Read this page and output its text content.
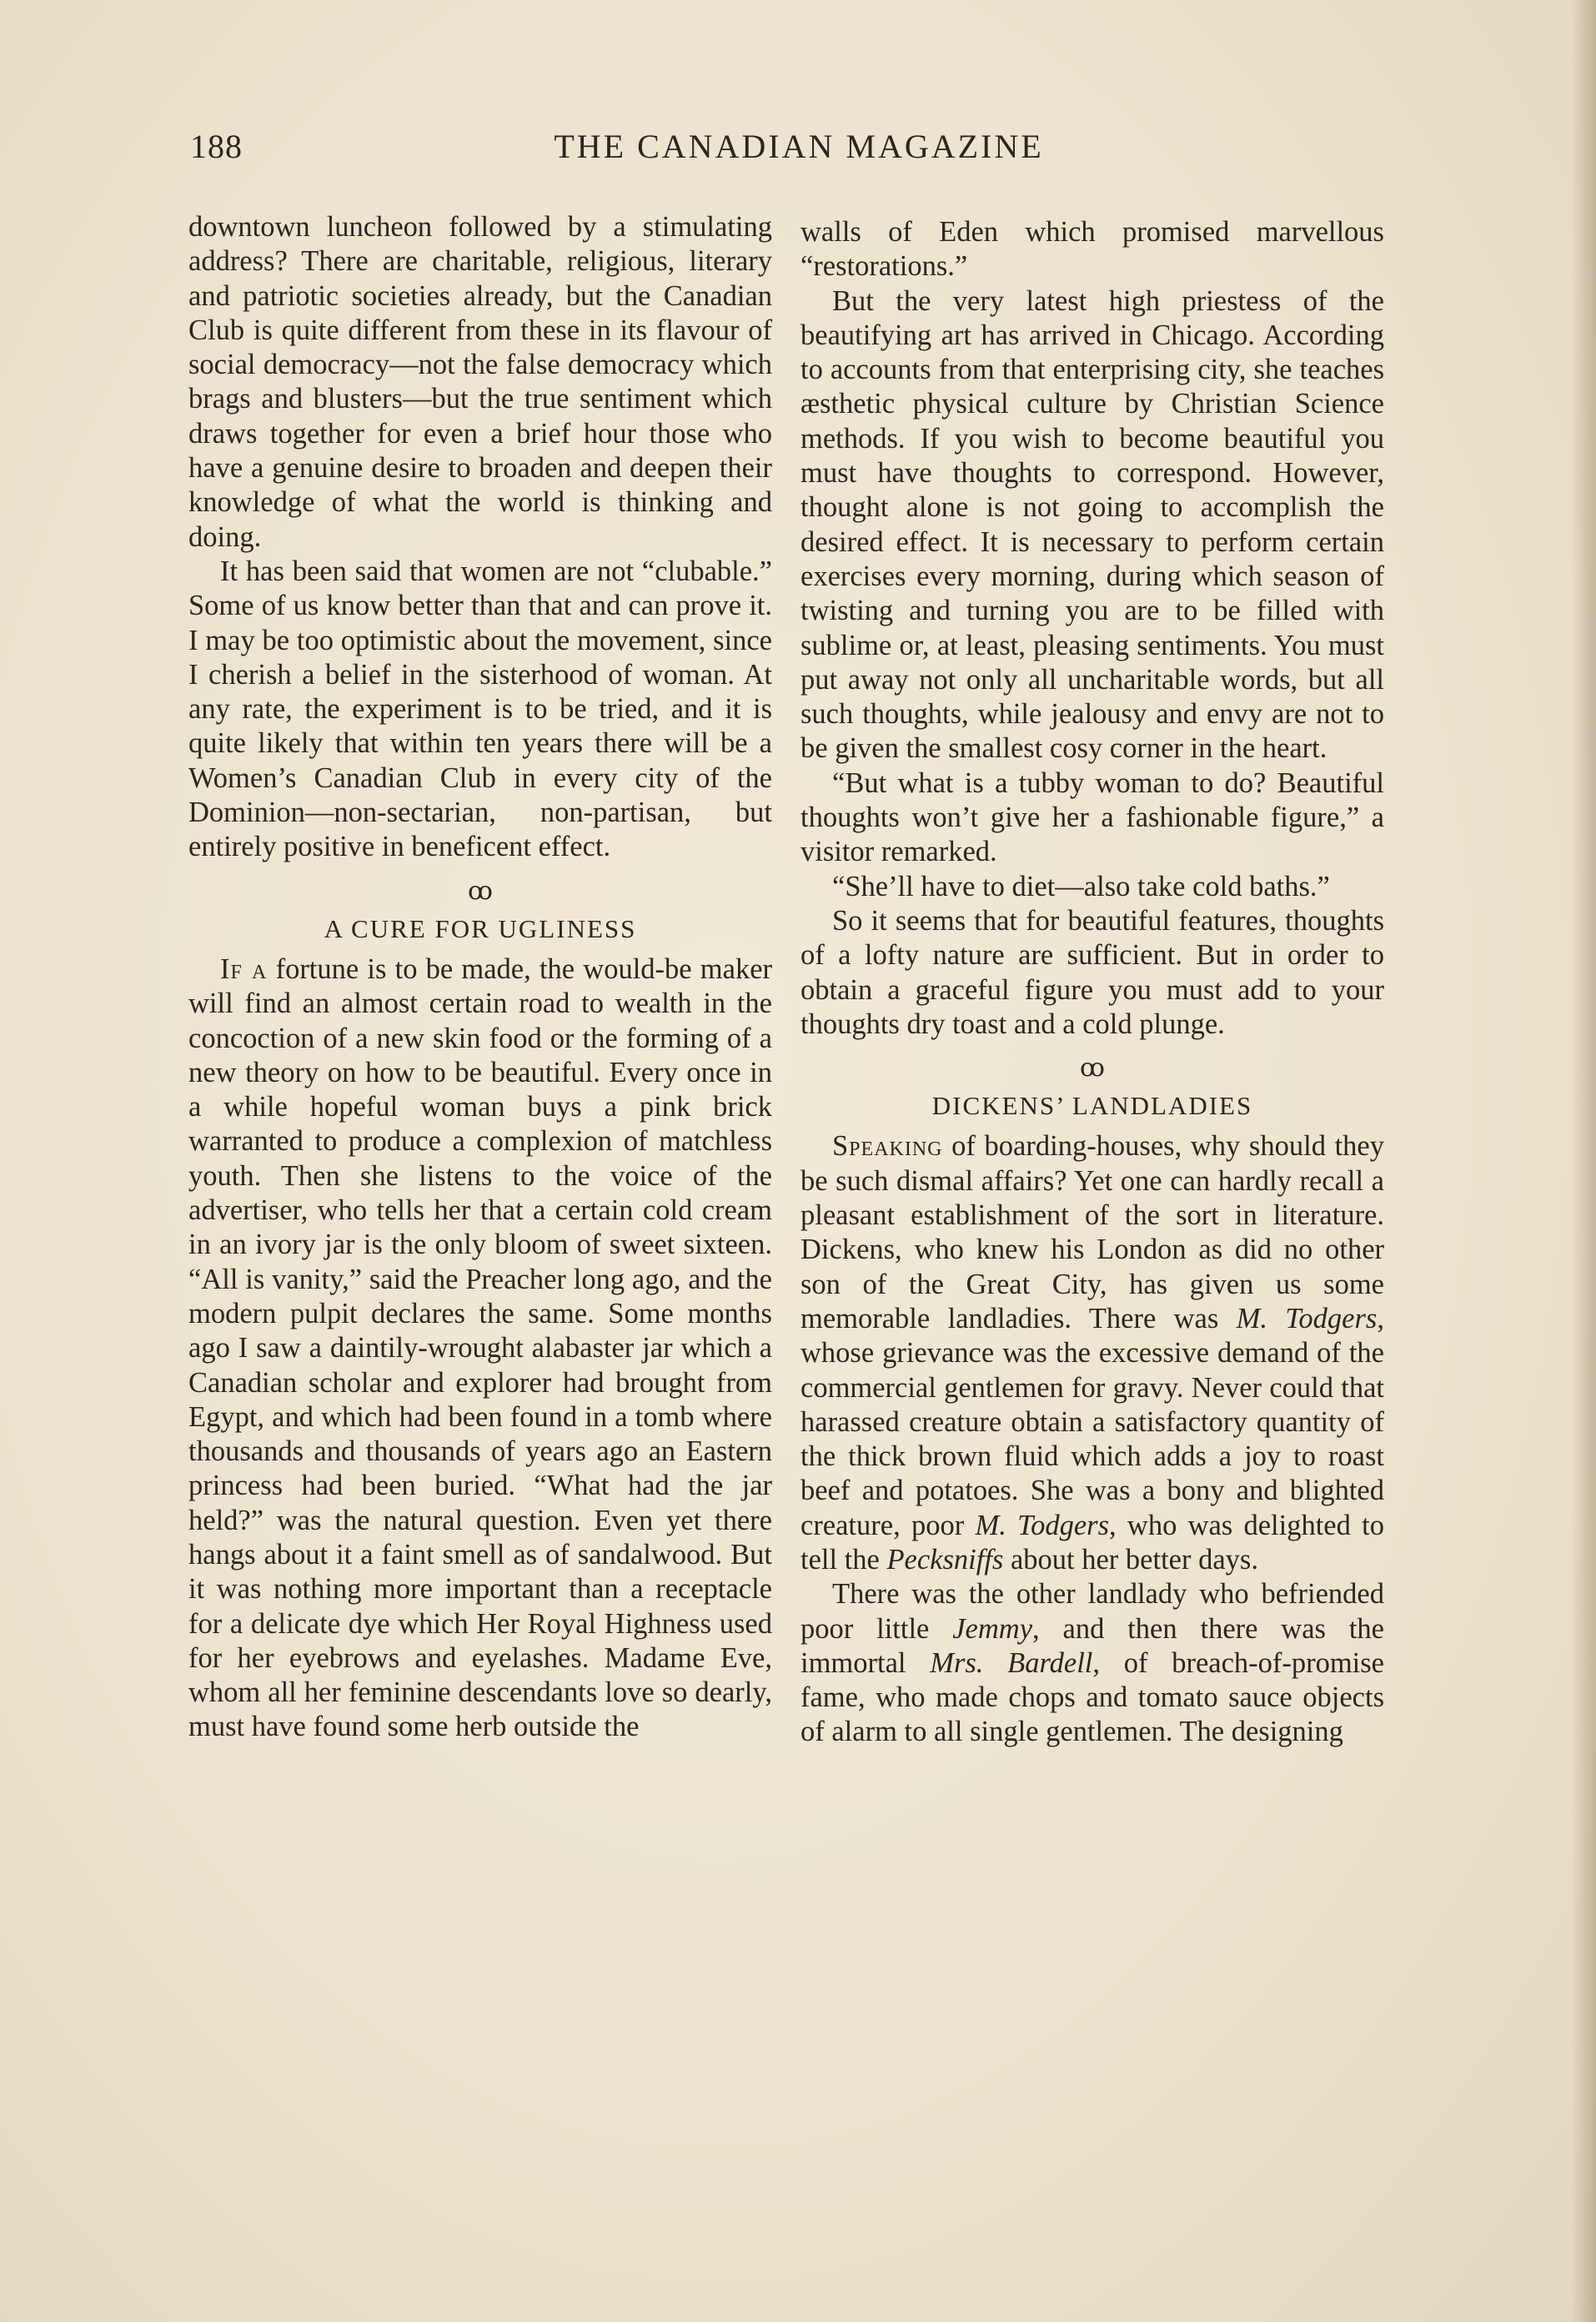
188	THE CANADIAN MAGAZINE

downtown luncheon followed by a stimulating address? There are charitable, religious, literary and patriotic societies already, but the Canadian Club is quite different from these in its flavour of social democracy—not the false democracy which brags and blusters—but the true sentiment which draws together for even a brief hour those who have a genuine desire to broaden and deepen their knowledge of what the world is thinking and doing.

It has been said that women are not “clubable.” Some of us know better than that and can prove it. I may be too optimistic about the movement, since I cherish a belief in the sisterhood of woman. At any rate, the experiment is to be tried, and it is quite likely that within ten years there will be a Women’s Canadian Club in every city of the Dominion—non-sectarian, non-partisan, but entirely positive in beneficent effect.

ꝏ
A CURE FOR UGLINESS

If a fortune is to be made, the would-be maker will find an almost certain road to wealth in the concoction of a new skin food or the forming of a new theory on how to be beautiful. Every once in a while hopeful woman buys a pink brick warranted to produce a complexion of matchless youth. Then she listens to the voice of the advertiser, who tells her that a certain cold cream in an ivory jar is the only bloom of sweet sixteen. “All is vanity,” said the Preacher long ago, and the modern pulpit declares the same. Some months ago I saw a daintily-wrought alabaster jar which a Canadian scholar and explorer had brought from Egypt, and which had been found in a tomb where thousands and thousands of years ago an Eastern princess had been buried. “What had the jar held?” was the natural question. Even yet there hangs about it a faint smell as of sandalwood. But it was nothing more important than a receptacle for a delicate dye which Her Royal Highness used for her eyebrows and eyelashes. Madame Eve, whom all her feminine descendants love so dearly, must have found some herb outside the

walls of Eden which promised marvellous “restorations.”

But the very latest high priestess of the beautifying art has arrived in Chicago. According to accounts from that enterprising city, she teaches æsthetic physical culture by Christian Science methods. If you wish to become beautiful you must have thoughts to correspond. However, thought alone is not going to accomplish the desired effect. It is necessary to perform certain exercises every morning, during which season of twisting and turning you are to be filled with sublime or, at least, pleasing sentiments. You must put away not only all uncharitable words, but all such thoughts, while jealousy and envy are not to be given the smallest cosy corner in the heart.

“But what is a tubby woman to do? Beautiful thoughts won’t give her a fashionable figure,” a visitor remarked.

“She’ll have to diet—also take cold baths.”

So it seems that for beautiful features, thoughts of a lofty nature are sufficient. But in order to obtain a graceful figure you must add to your thoughts dry toast and a cold plunge.

ꝏ
DICKENS’ LANDLADIES

Speaking of boarding-houses, why should they be such dismal affairs? Yet one can hardly recall a pleasant establishment of the sort in literature. Dickens, who knew his London as did no other son of the Great City, has given us some memorable landladies. There was M. Todgers, whose grievance was the excessive demand of the commercial gentlemen for gravy. Never could that harassed creature obtain a satisfactory quantity of the thick brown fluid which adds a joy to roast beef and potatoes. She was a bony and blighted creature, poor M. Todgers, who was delighted to tell the Pecksniffs about her better days.

There was the other landlady who befriended poor little Jemmy, and then there was the immortal Mrs. Bardell, of breach-of-promise fame, who made chops and tomato sauce objects of alarm to all single gentlemen. The designing
